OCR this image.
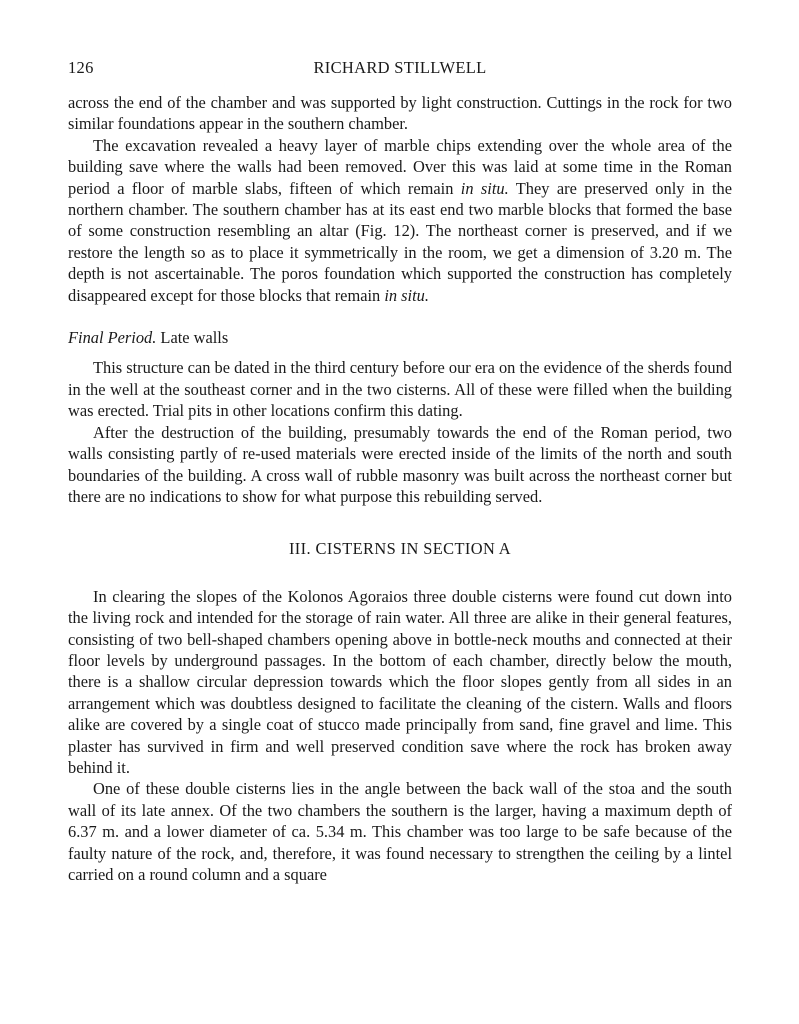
126	RICHARD STILLWELL

across the end of the chamber and was supported by light construction. Cuttings in the rock for two similar foundations appear in the southern chamber.

The excavation revealed a heavy layer of marble chips extending over the whole area of the building save where the walls had been removed. Over this was laid at some time in the Roman period a floor of marble slabs, fifteen of which remain in situ. They are preserved only in the northern chamber. The southern chamber has at its east end two marble blocks that formed the base of some construction resembling an altar (Fig. 12). The northeast corner is preserved, and if we restore the length so as to place it symmetrically in the room, we get a dimension of 3.20 m. The depth is not ascertainable. The poros foundation which supported the construction has completely disappeared except for those blocks that remain in situ.

Final Period. Late walls

This structure can be dated in the third century before our era on the evidence of the sherds found in the well at the southeast corner and in the two cisterns. All of these were filled when the building was erected. Trial pits in other locations confirm this dating.

After the destruction of the building, presumably towards the end of the Roman period, two walls consisting partly of re-used materials were erected inside of the limits of the north and south boundaries of the building. A cross wall of rubble masonry was built across the northeast corner but there are no indications to show for what purpose this rebuilding served.

III. CISTERNS IN SECTION A

In clearing the slopes of the Kolonos Agoraios three double cisterns were found cut down into the living rock and intended for the storage of rain water. All three are alike in their general features, consisting of two bell-shaped chambers opening above in bottle-neck mouths and connected at their floor levels by underground passages. In the bottom of each chamber, directly below the mouth, there is a shallow circular depression towards which the floor slopes gently from all sides in an arrangement which was doubtless designed to facilitate the cleaning of the cistern. Walls and floors alike are covered by a single coat of stucco made principally from sand, fine gravel and lime. This plaster has survived in firm and well preserved condition save where the rock has broken away behind it.

One of these double cisterns lies in the angle between the back wall of the stoa and the south wall of its late annex. Of the two chambers the southern is the larger, having a maximum depth of 6.37 m. and a lower diameter of ca. 5.34 m. This chamber was too large to be safe because of the faulty nature of the rock, and, therefore, it was found necessary to strengthen the ceiling by a lintel carried on a round column and a square
